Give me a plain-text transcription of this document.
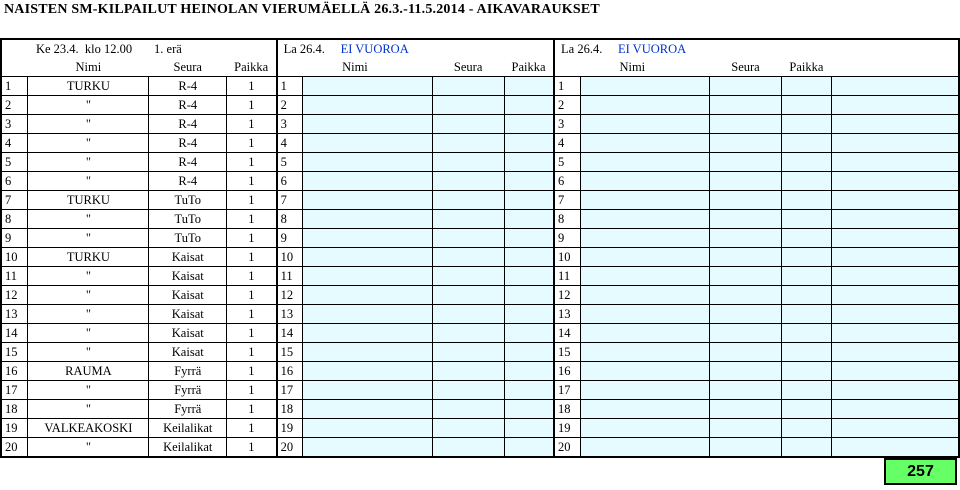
NAISTEN SM-KILPAILUT HEINOLAN VIERUMÄELLÄ 26.3.-11.5.2014 - AIKAVARAUKSET
	Ke 23.4. klo 12.00 1. erä			La 26.4. EI VUOROA				La 26.4. EI VUOROA				
	Nimi	Seura	Paikka	Nimi		Seura	Paikka	Nimi		Seura	Paikka	
1	TURKU	R-4	1	1				1				
2	"	R-4	1	2				2				
3	"	R-4	1	3				3				
4	"	R-4	1	4				4				
5	"	R-4	1	5				5				
6	"	R-4	1	6				6				
7	TURKU	TuTo	1	7				7				
8	"	TuTo	1	8				8				
9	"	TuTo	1	9				9				
10	TURKU	Kaisat	1	10				10				
11	"	Kaisat	1	11				11				
12	"	Kaisat	1	12				12				
13	"	Kaisat	1	13				13				
14	"	Kaisat	1	14				14				
15	"	Kaisat	1	15				15				
16	RAUMA	Fyrrä	1	16				16				
17	"	Fyrrä	1	17				17				
18	"	Fyrrä	1	18				18				
19	VALKEAKOSKI	Keilalikat	1	19				19				
20	"	Keilalikat	1	20				20				
257
